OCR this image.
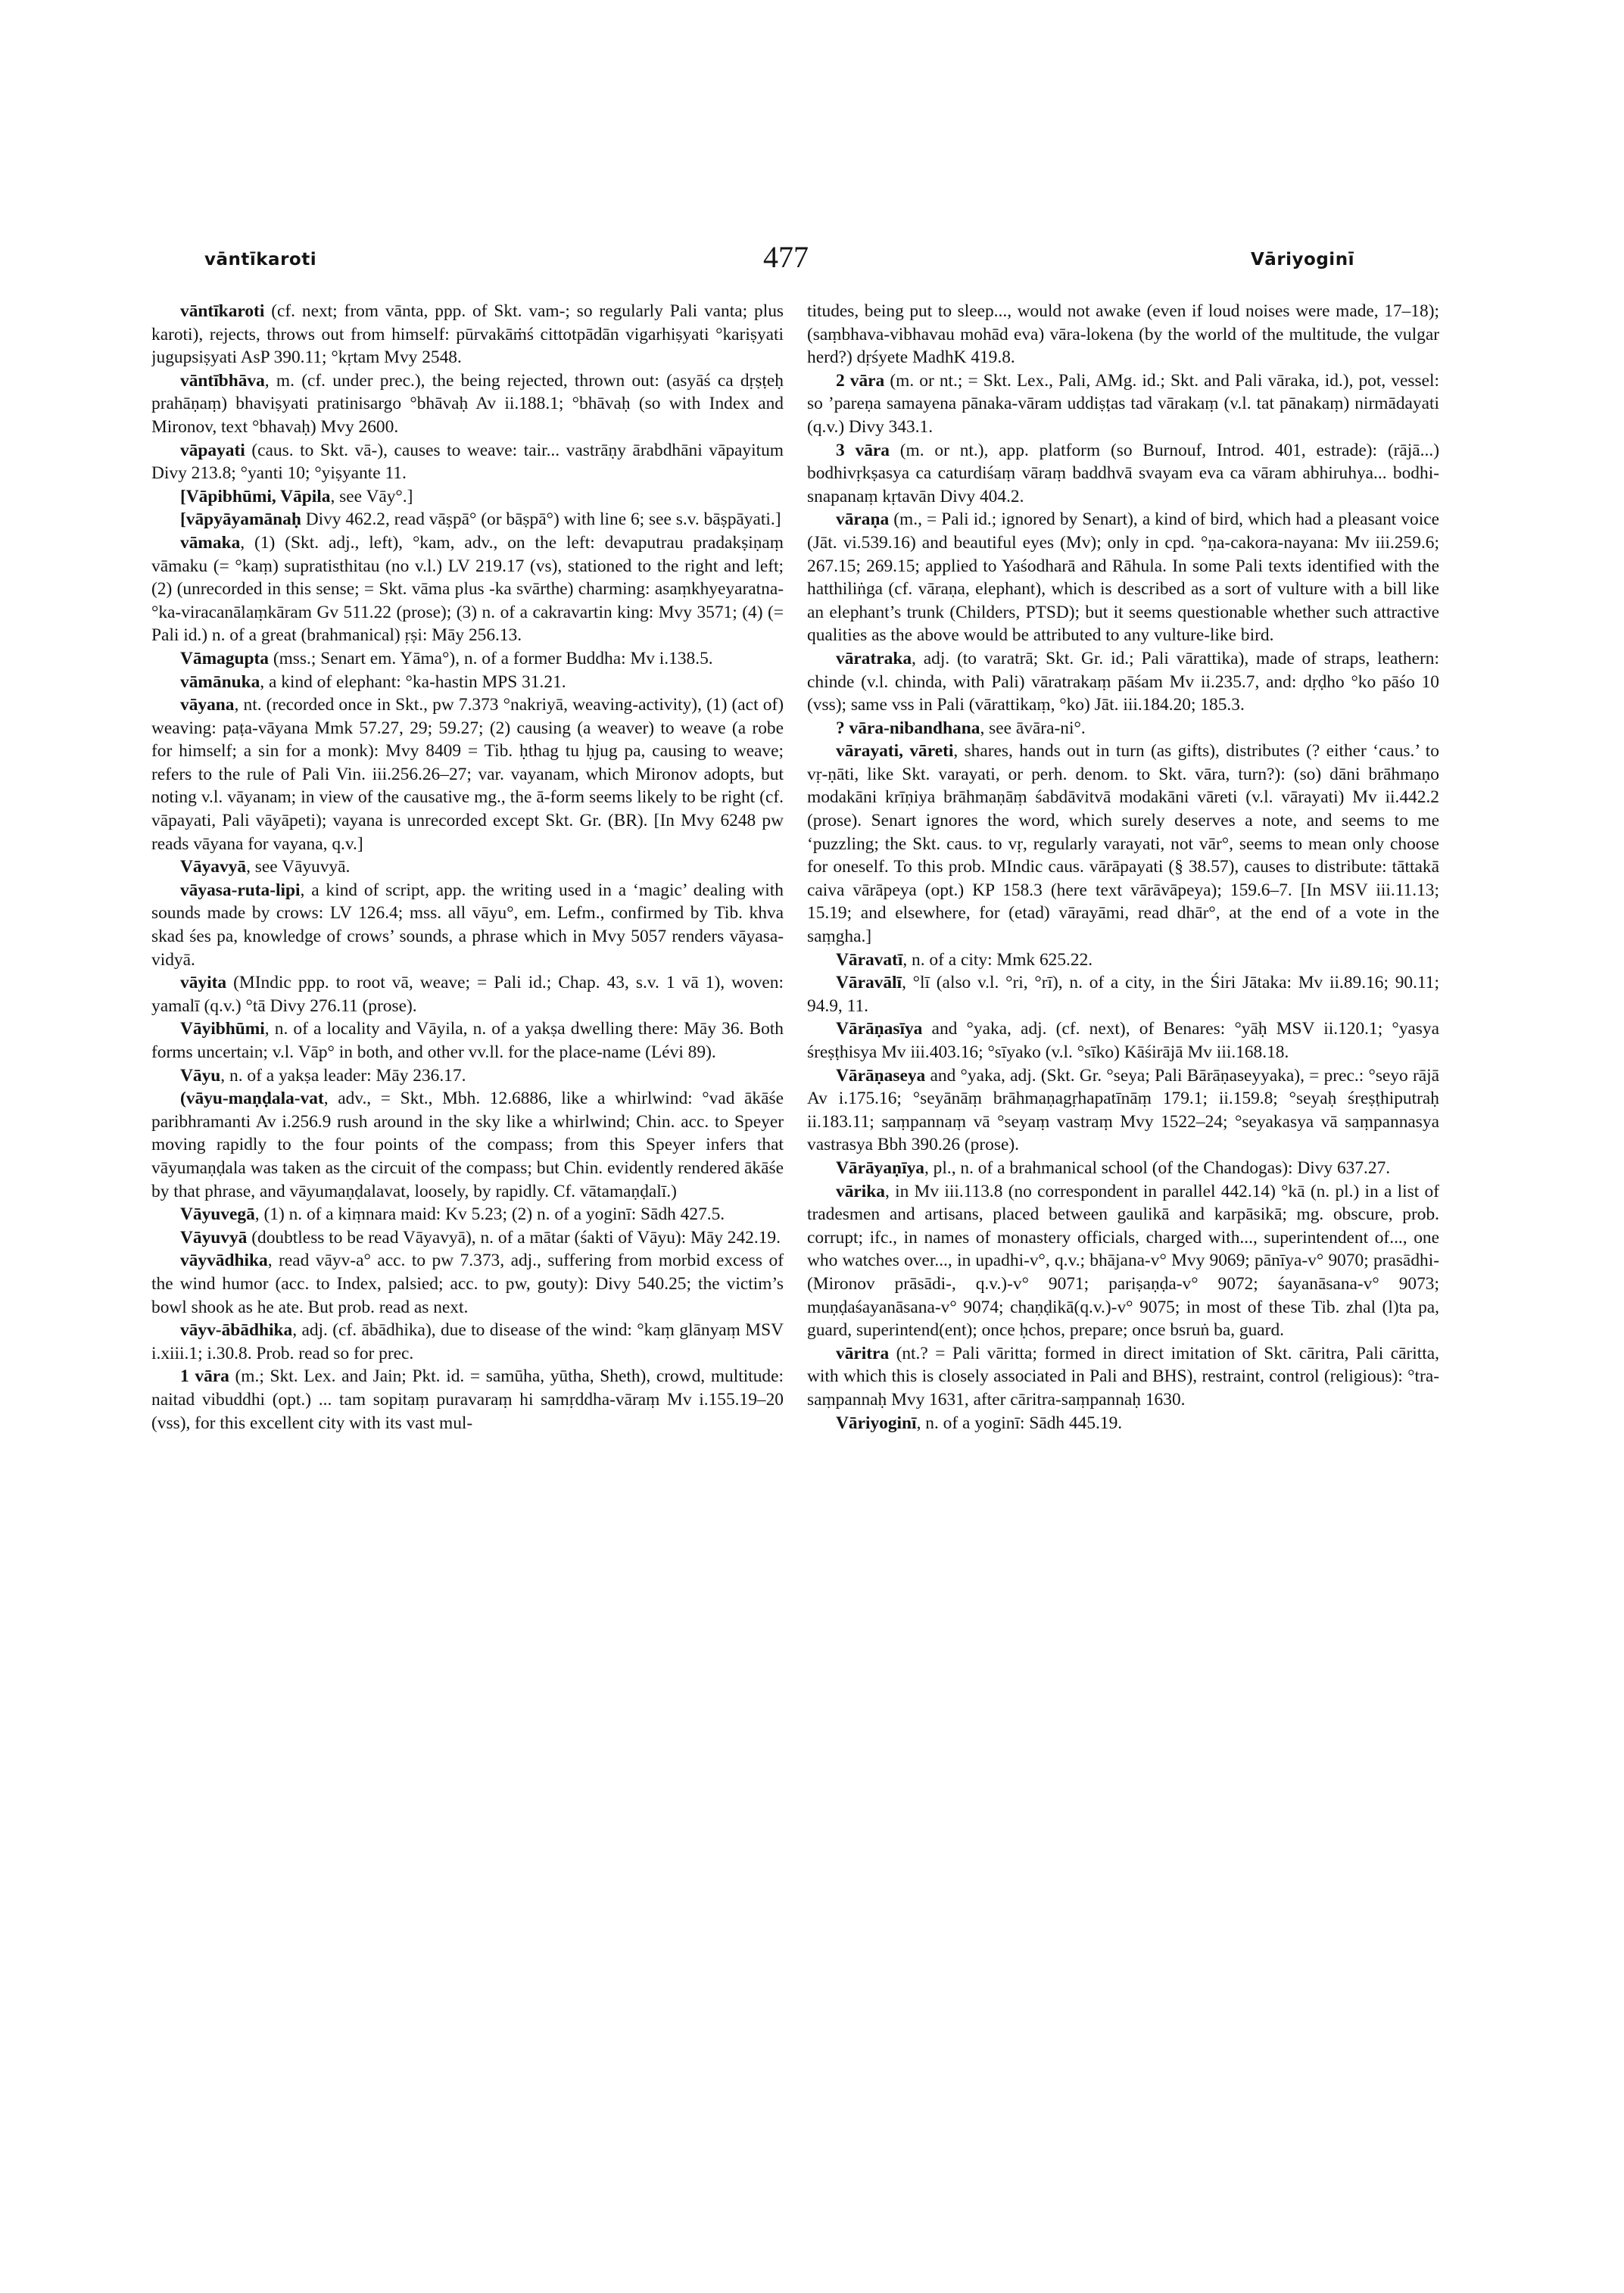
vāntīkaroti	477	Vāriyoginī

vāntīkaroti (cf. next; from vānta, ppp. of Skt. vam-; so regularly Pali vanta; plus karoti), rejects, throws out from himself: pūrvakāṁś cittotpādān vigarhiṣyati °kariṣyati jugupsiṣyati AsP 390.11; °kṛtam Mvy 2548.

vāntībhāva, m. (cf. under prec.), the being rejected, thrown out: (asyāś ca dṛṣṭeḥ prahāṇaṃ) bhaviṣyati pratinisargo °bhāvaḥ Av ii.188.1; °bhāvaḥ (so with Index and Mironov, text °bhavaḥ) Mvy 2600.

vāpayati (caus. to Skt. vā-), causes to weave: tair... vastrāṇy ārabdhāni vāpayitum Divy 213.8; °yanti 10; °yiṣyante 11.

[Vāpibhūmi, Vāpila, see Vāy°.]

[vāpyāyamānaḥ Divy 462.2, read vāṣpā° (or bāṣpā°) with line 6; see s.v. bāṣpāyati.]

vāmaka, (1) (Skt. adj., left), °kam, adv., on the left: devaputrau pradakṣiṇaṃ vāmaku (= °kaṃ) supratisthitau (no v.l.) LV 219.17 (vs), stationed to the right and left; (2) (unrecorded in this sense; = Skt. vāma plus -ka svārthe) charming: asaṃkhyeyaratna-°ka-viracanālaṃkāram Gv 511.22 (prose); (3) n. of a cakravartin king: Mvy 3571; (4) (= Pali id.) n. of a great (brahmanical) ṛṣi: Māy 256.13.

Vāmagupta (mss.; Senart em. Yāma°), n. of a former Buddha: Mv i.138.5.

vāmānuka, a kind of elephant: °ka-hastin MPS 31.21.

vāyana, nt. (recorded once in Skt., pw 7.373 °nakriyā, weaving-activity), (1) (act of) weaving: paṭa-vāyana Mmk 57.27, 29; 59.27; (2) causing (a weaver) to weave (a robe for himself; a sin for a monk): Mvy 8409 = Tib. ḥthag tu ḥjug pa, causing to weave; refers to the rule of Pali Vin. iii.256.26–27; var. vayanam, which Mironov adopts, but noting v.l. vāyanam; in view of the causative mg., the ā-form seems likely to be right (cf. vāpayati, Pali vāyāpeti); vayana is unrecorded except Skt. Gr. (BR). [In Mvy 6248 pw reads vāyana for vayana, q.v.]

Vāyavyā, see Vāyuvyā.

vāyasa-ruta-lipi, a kind of script, app. the writing used in a ‘magic’ dealing with sounds made by crows: LV 126.4; mss. all vāyu°, em. Lefm., confirmed by Tib. khva skad śes pa, knowledge of crows’ sounds, a phrase which in Mvy 5057 renders vāyasa-vidyā.

vāyita (MIndic ppp. to root vā, weave; = Pali id.; Chap. 43, s.v. 1 vā 1), woven: yamalī (q.v.) °tā Divy 276.11 (prose).

Vāyibhūmi, n. of a locality and Vāyila, n. of a yakṣa dwelling there: Māy 36. Both forms uncertain; v.l. Vāp° in both, and other vv.ll. for the place-name (Lévi 89).

Vāyu, n. of a yakṣa leader: Māy 236.17.

(vāyu-maṇḍala-vat, adv., = Skt., Mbh. 12.6886, like a whirlwind: °vad ākāśe paribhramanti Av i.256.9 rush around in the sky like a whirlwind; Chin. acc. to Speyer moving rapidly to the four points of the compass; from this Speyer infers that vāyumaṇḍala was taken as the circuit of the compass; but Chin. evidently rendered ākāśe by that phrase, and vāyumaṇḍalavat, loosely, by rapidly. Cf. vātamaṇḍalī.)

Vāyuvegā, (1) n. of a kiṃnara maid: Kv 5.23; (2) n. of a yoginī: Sādh 427.5.

Vāyuvyā (doubtless to be read Vāyavyā), n. of a mātar (śakti of Vāyu): Māy 242.19.

vāyvādhika, read vāyv-a° acc. to pw 7.373, adj., suffering from morbid excess of the wind humor (acc. to Index, palsied; acc. to pw, gouty): Divy 540.25; the victim’s bowl shook as he ate. But prob. read as next.

vāyv-ābādhika, adj. (cf. ābādhika), due to disease of the wind: °kaṃ glānyaṃ MSV i.xiii.1; i.30.8. Prob. read so for prec.

1 vāra (m.; Skt. Lex. and Jain; Pkt. id. = samūha, yūtha, Sheth), crowd, multitude: naitad vibuddhi (opt.) ... tam sopitaṃ puravaraṃ hi samṛddha-vāraṃ Mv i.155.19–20 (vss), for this excellent city with its vast mul-

titudes, being put to sleep..., would not awake (even if loud noises were made, 17–18); (saṃbhava-vibhavau mohād eva) vāra-lokena (by the world of the multitude, the vulgar herd?) dṛśyete MadhK 419.8.

2 vāra (m. or nt.; = Skt. Lex., Pali, AMg. id.; Skt. and Pali vāraka, id.), pot, vessel: so ’pareṇa samayena pānaka-vāram uddiṣṭas tad vārakaṃ (v.l. tat pānakaṃ) nirmādayati (q.v.) Divy 343.1.

3 vāra (m. or nt.), app. platform (so Burnouf, Introd. 401, estrade): (rājā...) bodhivṛkṣasya ca caturdiśaṃ vāraṃ baddhvā svayam eva ca vāram abhiruhya... bodhi-snapanaṃ kṛtavān Divy 404.2.

vāraṇa (m., = Pali id.; ignored by Senart), a kind of bird, which had a pleasant voice (Jāt. vi.539.16) and beautiful eyes (Mv); only in cpd. °ṇa-cakora-nayana: Mv iii.259.6; 267.15; 269.15; applied to Yaśodharā and Rāhula. In some Pali texts identified with the hatthiliṅga (cf. vāraṇa, elephant), which is described as a sort of vulture with a bill like an elephant’s trunk (Childers, PTSD); but it seems questionable whether such attractive qualities as the above would be attributed to any vulture-like bird.

vāratraka, adj. (to varatrā; Skt. Gr. id.; Pali vārattika), made of straps, leathern: chinde (v.l. chinda, with Pali) vāratrakaṃ pāśam Mv ii.235.7, and: dṛḍho °ko pāśo 10 (vss); same vss in Pali (vārattikaṃ, °ko) Jāt. iii.184.20; 185.3.

? vāra-nibandhana, see āvāra-ni°.

vārayati, vāreti, shares, hands out in turn (as gifts), distributes (? either ‘caus.’ to vṛ-ṇāti, like Skt. varayati, or perh. denom. to Skt. vāra, turn?): (so) dāni brāhmaṇo modakāni krīṇiya brāhmaṇāṃ śabdāvitvā modakāni vāreti (v.l. vārayati) Mv ii.442.2 (prose). Senart ignores the word, which surely deserves a note, and seems to me ‘puzzling; the Skt. caus. to vṛ, regularly varayati, not vār°, seems to mean only choose for oneself. To this prob. MIndic caus. vārāpayati (§ 38.57), causes to distribute: tāttakā caiva vārāpeya (opt.) KP 158.3 (here text vārāvāpeya); 159.6–7. [In MSV iii.11.13; 15.19; and elsewhere, for (etad) vārayāmi, read dhār°, at the end of a vote in the saṃgha.]

Vāravatī, n. of a city: Mmk 625.22.

Vāravālī, °lī (also v.l. °ri, °rī), n. of a city, in the Śiri Jātaka: Mv ii.89.16; 90.11; 94.9, 11.

Vārāṇasīya and °yaka, adj. (cf. next), of Benares: °yāḥ MSV ii.120.1; °yasya śreṣṭhisya Mv iii.403.16; °sīyako (v.l. °sīko) Kāśirājā Mv iii.168.18.

Vārāṇaseya and °yaka, adj. (Skt. Gr. °seya; Pali Bārāṇaseyyaka), = prec.: °seyo rājā Av i.175.16; °seyānāṃ brāhmaṇagṛhapatīnāṃ 179.1; ii.159.8; °seyaḥ śreṣṭhiputraḥ ii.183.11; saṃpannaṃ vā °seyaṃ vastraṃ Mvy 1522–24; °seyakasya vā saṃpannasya vastrasya Bbh 390.26 (prose).

Vārāyaṇīya, pl., n. of a brahmanical school (of the Chandogas): Divy 637.27.

vārika, in Mv iii.113.8 (no correspondent in parallel 442.14) °kā (n. pl.) in a list of tradesmen and artisans, placed between gaulikā and karpāsikā; mg. obscure, prob. corrupt; ifc., in names of monastery officials, charged with..., superintendent of..., one who watches over..., in upadhi-v°, q.v.; bhājana-v° Mvy 9069; pānīya-v° 9070; prasādhi-(Mironov prāsādi-, q.v.)-v° 9071; pariṣaṇḍa-v° 9072; śayanāsana-v° 9073; muṇḍaśayanāsana-v° 9074; chaṇḍikā(q.v.)-v° 9075; in most of these Tib. zhal (l)ta pa, guard, superintend(ent); once ḥchos, prepare; once bsruṅ ba, guard.

vāritra (nt.? = Pali vāritta; formed in direct imitation of Skt. cāritra, Pali cāritta, with which this is closely associated in Pali and BHS), restraint, control (religious): °tra-saṃpannaḥ Mvy 1631, after cāritra-saṃpannaḥ 1630.

Vāriyoginī, n. of a yoginī: Sādh 445.19.
